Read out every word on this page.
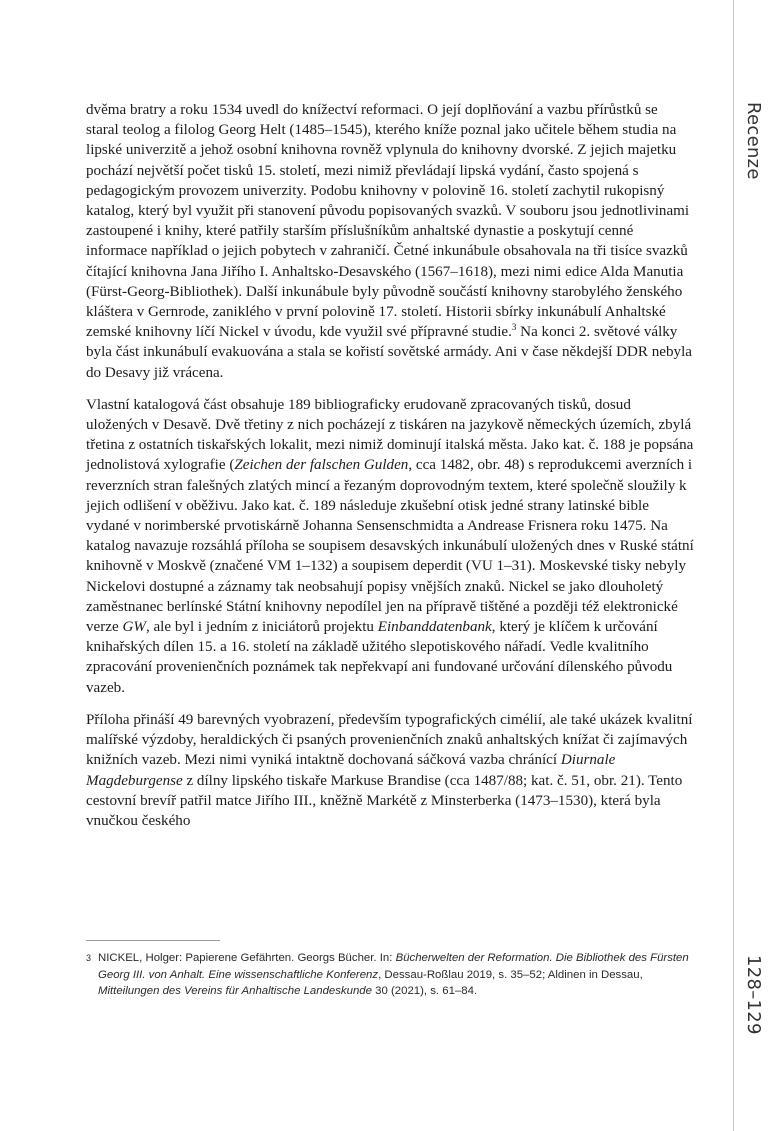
Recenze
128–129

dvěma bratry a roku 1534 uvedl do knížectví reformaci. O její doplňování a vazbu přírůstků se staral teolog a filolog Georg Helt (1485–1545), kterého kníže poznal jako učitele během studia na lipské univerzitě a jehož osobní knihovna rovněž vplynula do knihovny dvorské. Z jejich majetku pochází největší počet tisků 15. století, mezi nimiž převládají lipská vydání, často spojená s pedagogickým provozem univerzity. Podobu knihovny v polovině 16. století zachytil rukopisný katalog, který byl využit při stanovení původu popisovaných svazků. V souboru jsou jednotlivinami zastoupené i knihy, které patřily starším příslušníkům anhaltské dynastie a poskytují cenné informace například o jejich pobytech v zahraničí. Četné inkunábule obsahovala na tři tisíce svazků čítající knihovna Jana Jiřího I. Anhaltsko-Desavského (1567–1618), mezi nimi edice Alda Manutia (Fürst-Georg-Bibliothek). Další inkunábule byly původně součástí knihovny starobylého ženského kláštera v Gernrode, zaniklého v první polovině 17. století. Historii sbírky inkunábulí Anhaltské zemské knihovny líčí Nickel v úvodu, kde využil své přípravné studie.$^3$ Na konci 2. světové války byla část inkunábulí evakuována a stala se kořistí sovětské armády. Ani v čase někdejší DDR nebyla do Desavy již vrácena.

Vlastní katalogová část obsahuje 189 bibliograficky erudovaně zpracovaných tisků, dosud uložených v Desavě. Dvě třetiny z nich pocházejí z tiskáren na jazykově německých územích, zbylá třetina z ostatních tiskařských lokalit, mezi nimiž dominují italská města. Jako kat. č. 188 je popsána jednolistová xylografie (Zeichen der falschen Gulden, cca 1482, obr. 48) s reprodukcemi averzních i reverzních stran falešných zlatých mincí a řezaným doprovodným textem, které společně sloužily k jejich odlišení v oběživu. Jako kat. č. 189 následuje zkušební otisk jedné strany latinské bible vydané v norimberské prvotiskárně Johanna Sensenschmidta a Andrease Frisnera roku 1475. Na katalog navazuje rozsáhlá příloha se soupisem desavských inkunábulí uložených dnes v Ruské státní knihovně v Moskvě (značené VM 1–132) a soupisem deperdit (VU 1–31). Moskevské tisky nebyly Nickelovi dostupné a záznamy tak neobsahují popisy vnějších znaků. Nickel se jako dlouholetý zaměstnanec berlínské Státní knihovny nepodílel jen na přípravě tištěné a později též elektronické verze GW, ale byl i jedním z iniciátorů projektu Einbanddatenbank, který je klíčem k určování knihařských dílen 15. a 16. století na základě užitého slepotiskového nářadí. Vedle kvalitního zpracování provenienčních poznámek tak nepřekvapí ani fundované určování dílenského původu vazeb.

Příloha přináší 49 barevných vyobrazení, především typografických cimélií, ale také ukázek kvalitní malířské výzdoby, heraldických či psaných provenienčních znaků anhaltských knížat či zajímavých knižních vazeb. Mezi nimi vyniká intaktně dochovaná sáčková vazba chránící Diurnale Magdeburgense z dílny lipského tiskaře Markuse Brandise (cca 1487/88; kat. č. 51, obr. 21). Tento cestovní brevíř patřil matce Jiřího III., kněžně Markétě z Minsterberka (1473–1530), která byla vnučkou českého

3 NICKEL, Holger: Papierene Gefährten. Georgs Bücher. In: Bücherwelten der Reformation. Die Bibliothek des Fürsten Georg III. von Anhalt. Eine wissenschaftliche Konferenz, Dessau-Roßlau 2019, s. 35–52; Aldinen in Dessau, Mitteilungen des Vereins für Anhaltische Landeskunde 30 (2021), s. 61–84.
